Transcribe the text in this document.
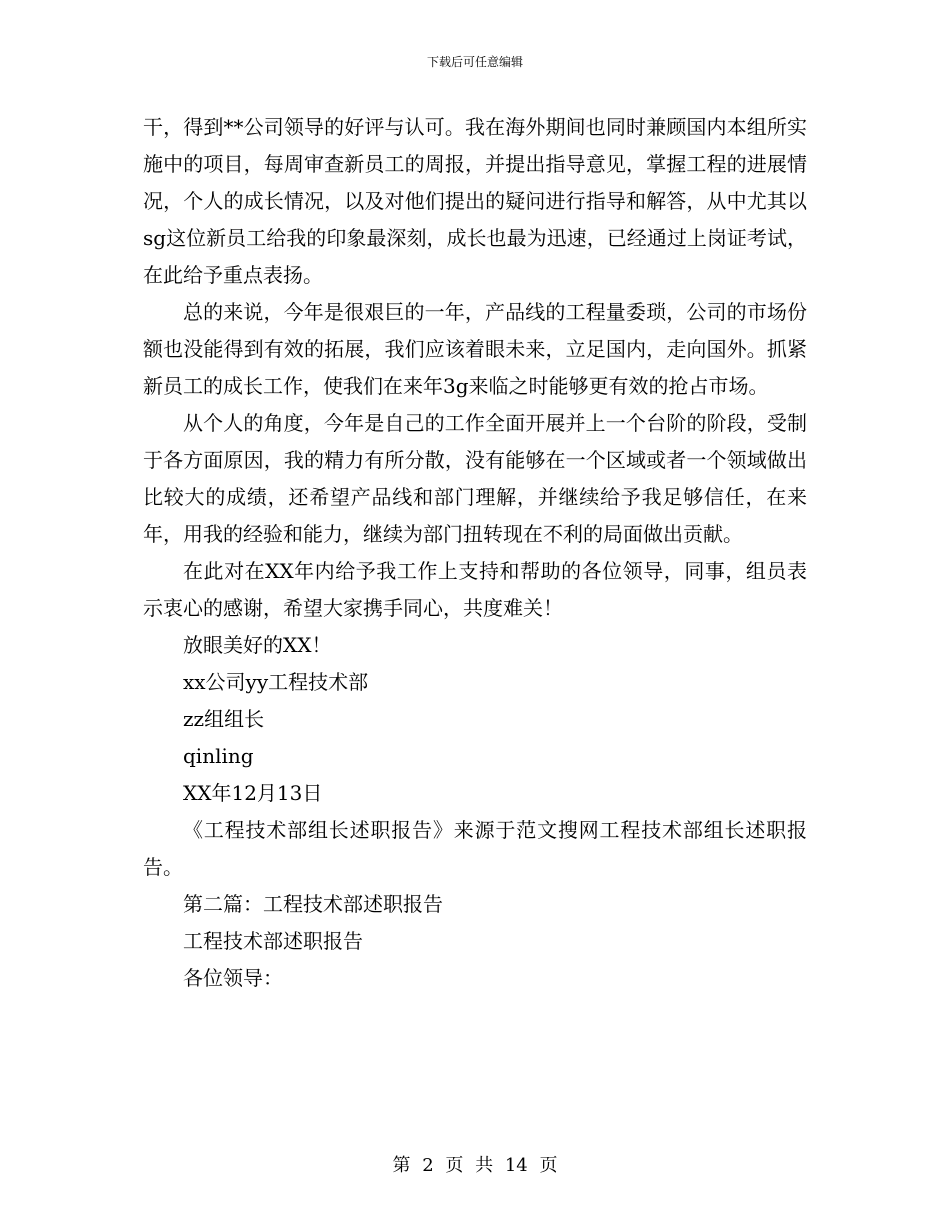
下载后可任意编辑

干，得到**公司领导的好评与认可。我在海外期间也同时兼顾国内本组所实施中的项目，每周审查新员工的周报，并提出指导意见，掌握工程的进展情况，个人的成长情况，以及对他们提出的疑问进行指导和解答，从中尤其以sg这位新员工给我的印象最深刻，成长也最为迅速，已经通过上岗证考试，在此给予重点表扬。

总的来说，今年是很艰巨的一年，产品线的工程量委琐，公司的市场份额也没能得到有效的拓展，我们应该着眼未来，立足国内，走向国外。抓紧新员工的成长工作，使我们在来年3g来临之时能够更有效的抢占市场。

从个人的角度，今年是自己的工作全面开展并上一个台阶的阶段，受制于各方面原因，我的精力有所分散，没有能够在一个区域或者一个领域做出比较大的成绩，还希望产品线和部门理解，并继续给予我足够信任，在来年，用我的经验和能力，继续为部门扭转现在不利的局面做出贡献。

在此对在XX年内给予我工作上支持和帮助的各位领导，同事，组员表示衷心的感谢，希望大家携手同心，共度难关！

放眼美好的XX！

xx公司yy工程技术部

zz组组长

qinling

XX年12月13日

《工程技术部组长述职报告》来源于范文搜网工程技术部组长述职报告。

第二篇：工程技术部述职报告

工程技术部述职报告

各位领导：

第 2 页 共 14 页
